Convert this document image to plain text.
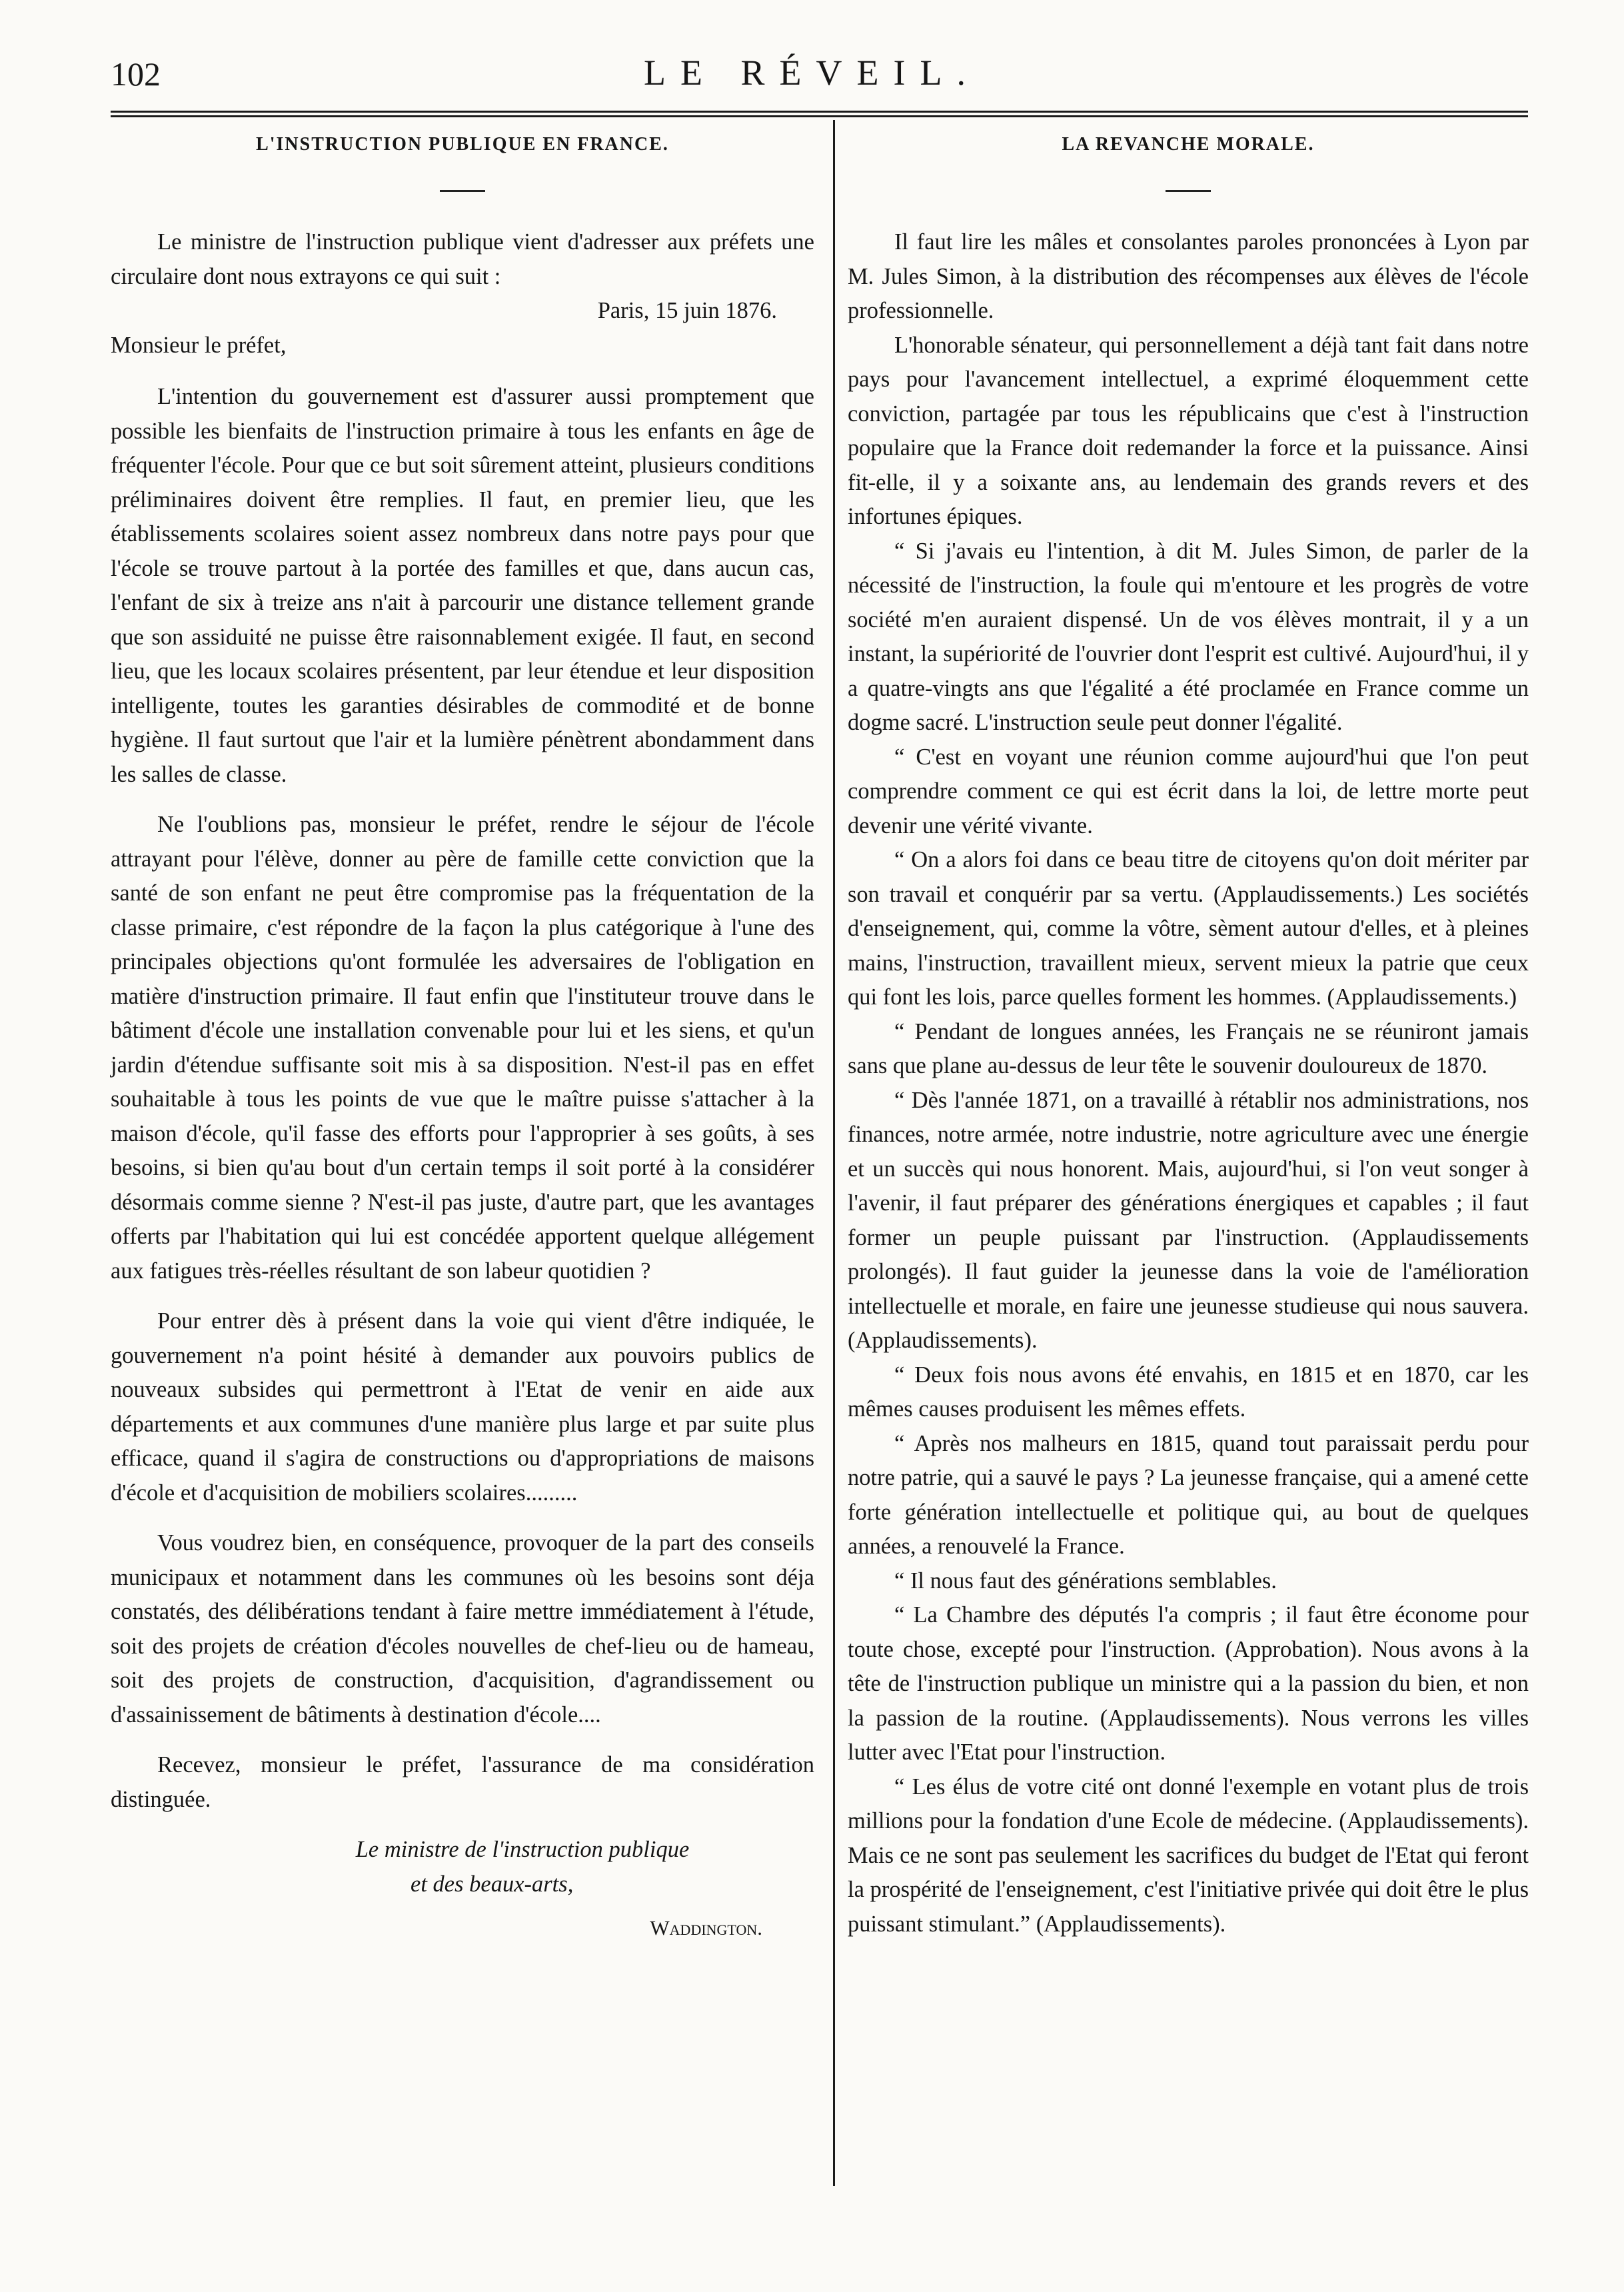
LE RÉVEIL.
102
L'INSTRUCTION PUBLIQUE EN FRANCE.

Le ministre de l'instruction publique vient d'adresser aux préfets une circulaire dont nous extrayons ce qui suit :

Paris, 15 juin 1876.

Monsieur le préfet,

L'intention du gouvernement est d'assurer aussi promptement que possible les bienfaits de l'instruction primaire à tous les enfants en âge de fréquenter l'école. Pour que ce but soit sûrement atteint, plusieurs conditions préliminaires doivent être remplies. Il faut, en premier lieu, que les établissements scolaires soient assez nombreux dans notre pays pour que l'école se trouve partout à la portée des familles et que, dans aucun cas, l'enfant de six à treize ans n'ait à parcourir une distance tellement grande que son assiduité ne puisse être raisonnablement exigée. Il faut, en second lieu, que les locaux scolaires présentent, par leur étendue et leur disposition intelligente, toutes les garanties désirables de commodité et de bonne hygiène. Il faut surtout que l'air et la lumière pénètrent abondamment dans les salles de classe.

Ne l'oublions pas, monsieur le préfet, rendre le séjour de l'école attrayant pour l'élève, donner au père de famille cette conviction que la santé de son enfant ne peut être compromise pas la fréquentation de la classe primaire, c'est répondre de la façon la plus catégorique à l'une des principales objections qu'ont formulée les adversaires de l'obligation en matière d'instruction primaire. Il faut enfin que l'instituteur trouve dans le bâtiment d'école une installation convenable pour lui et les siens, et qu'un jardin d'étendue suffisante soit mis à sa disposition. N'est-il pas en effet souhaitable à tous les points de vue que le maître puisse s'attacher à la maison d'école, qu'il fasse des efforts pour l'approprier à ses goûts, à ses besoins, si bien qu'au bout d'un certain temps il soit porté à la considérer désormais comme sienne ? N'est-il pas juste, d'autre part, que les avantages offerts par l'habitation qui lui est concédée apportent quelque allégement aux fatigues très-réelles résultant de son labeur quotidien ?

Pour entrer dès à présent dans la voie qui vient d'être indiquée, le gouvernement n'a point hésité à demander aux pouvoirs publics de nouveaux subsides qui permettront à l'Etat de venir en aide aux départements et aux communes d'une manière plus large et par suite plus efficace, quand il s'agira de constructions ou d'appropriations de maisons d'école et d'acquisition de mobiliers scolaires.........

Vous voudrez bien, en conséquence, provoquer de la part des conseils municipaux et notamment dans les communes où les besoins sont déja constatés, des délibérations tendant à faire mettre immédiatement à l'étude, soit des projets de création d'écoles nouvelles de chef-lieu ou de hameau, soit des projets de construction, d'acquisition, d'agrandissement ou d'assainissement de bâtiments à destination d'école....

Recevez, monsieur le préfet, l'assurance de ma considération distinguée.

Le ministre de l'instruction publique

et des beaux-arts,

Waddington.

LA REVANCHE MORALE.

Il faut lire les mâles et consolantes paroles prononcées à Lyon par M. Jules Simon, à la distribution des récompenses aux élèves de l'école professionnelle.

L'honorable sénateur, qui personnellement a déjà tant fait dans notre pays pour l'avancement intellectuel, a exprimé éloquemment cette conviction, partagée par tous les républicains que c'est à l'instruction populaire que la France doit redemander la force et la puissance. Ainsi fit-elle, il y a soixante ans, au lendemain des grands revers et des infortunes épiques.

“ Si j'avais eu l'intention, à dit M. Jules Simon, de parler de la nécessité de l'instruction, la foule qui m'entoure et les progrès de votre société m'en auraient dispensé. Un de vos élèves montrait, il y a un instant, la supériorité de l'ouvrier dont l'esprit est cultivé. Aujourd'hui, il y a quatre-vingts ans que l'égalité a été proclamée en France comme un dogme sacré. L'instruction seule peut donner l'égalité.

“ C'est en voyant une réunion comme aujourd'hui que l'on peut comprendre comment ce qui est écrit dans la loi, de lettre morte peut devenir une vérité vivante.

“ On a alors foi dans ce beau titre de citoyens qu'on doit mériter par son travail et conquérir par sa vertu. (Applaudissements.) Les sociétés d'enseignement, qui, comme la vôtre, sèment autour d'elles, et à pleines mains, l'instruction, travaillent mieux, servent mieux la patrie que ceux qui font les lois, parce quelles forment les hommes. (Applaudissements.)

“ Pendant de longues années, les Français ne se réuniront jamais sans que plane au-dessus de leur tête le souvenir douloureux de 1870.

“ Dès l'année 1871, on a travaillé à rétablir nos administrations, nos finances, notre armée, notre industrie, notre agriculture avec une énergie et un succès qui nous honorent. Mais, aujourd'hui, si l'on veut songer à l'avenir, il faut préparer des générations énergiques et capables ; il faut former un peuple puissant par l'instruction. (Applaudissements prolongés). Il faut guider la jeunesse dans la voie de l'amélioration intellectuelle et morale, en faire une jeunesse studieuse qui nous sauvera. (Applaudissements).

“ Deux fois nous avons été envahis, en 1815 et en 1870, car les mêmes causes produisent les mêmes effets.

“ Après nos malheurs en 1815, quand tout paraissait perdu pour notre patrie, qui a sauvé le pays ? La jeunesse française, qui a amené cette forte génération intellectuelle et politique qui, au bout de quelques années, a renouvelé la France.

“ Il nous faut des générations semblables.

“ La Chambre des députés l'a compris ; il faut être économe pour toute chose, excepté pour l'instruction. (Approbation). Nous avons à la tête de l'instruction publique un ministre qui a la passion du bien, et non la passion de la routine. (Applaudissements). Nous verrons les villes lutter avec l'Etat pour l'instruction.

“ Les élus de votre cité ont donné l'exemple en votant plus de trois millions pour la fondation d'une Ecole de médecine. (Applaudissements). Mais ce ne sont pas seulement les sacrifices du budget de l'Etat qui feront la prospérité de l'enseignement, c'est l'initiative privée qui doit être le plus puissant stimulant.” (Applaudissements).
